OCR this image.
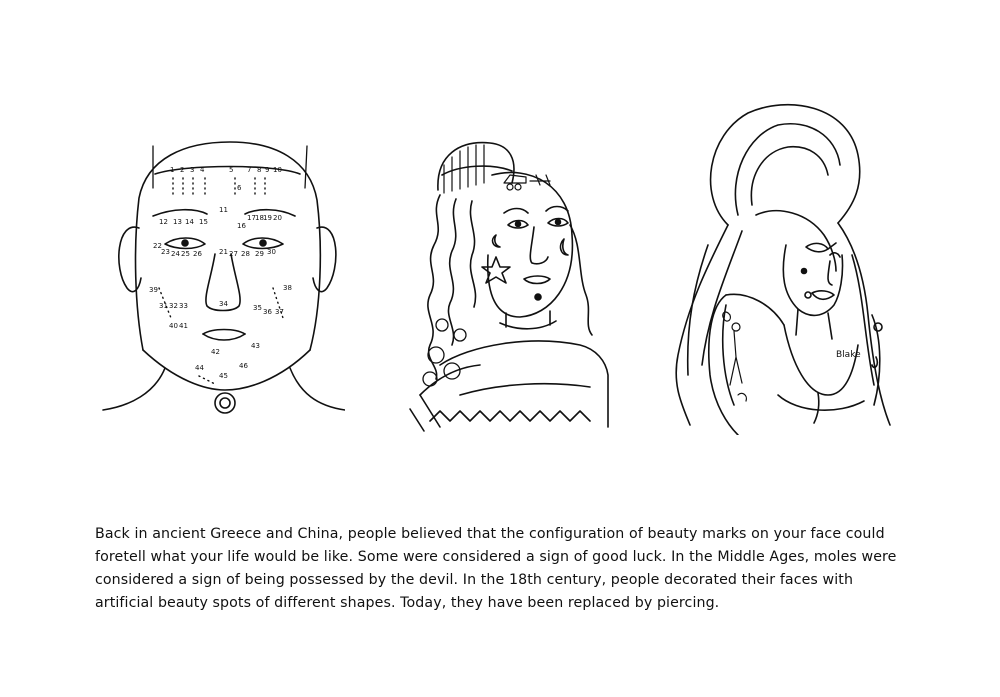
1 2 3 4	5 7 8 9 10
6
11
12 13 14 15	16
17 18 19 20
21
22
23 24 25 26	27 28 29 30
31 32 33	34	35 36 37
38
39
40 41
42
43
44
45
46
Blake

Back in ancient Greece and China, people believed that the configuration of beauty marks on your face could foretell what your life would be like. Some were considered a sign of good luck. In the Middle Ages, moles were considered a sign of being possessed by the devil. In the 18th century, people decorated their faces with artificial beauty spots of different shapes. Today, they have been replaced by piercing.
